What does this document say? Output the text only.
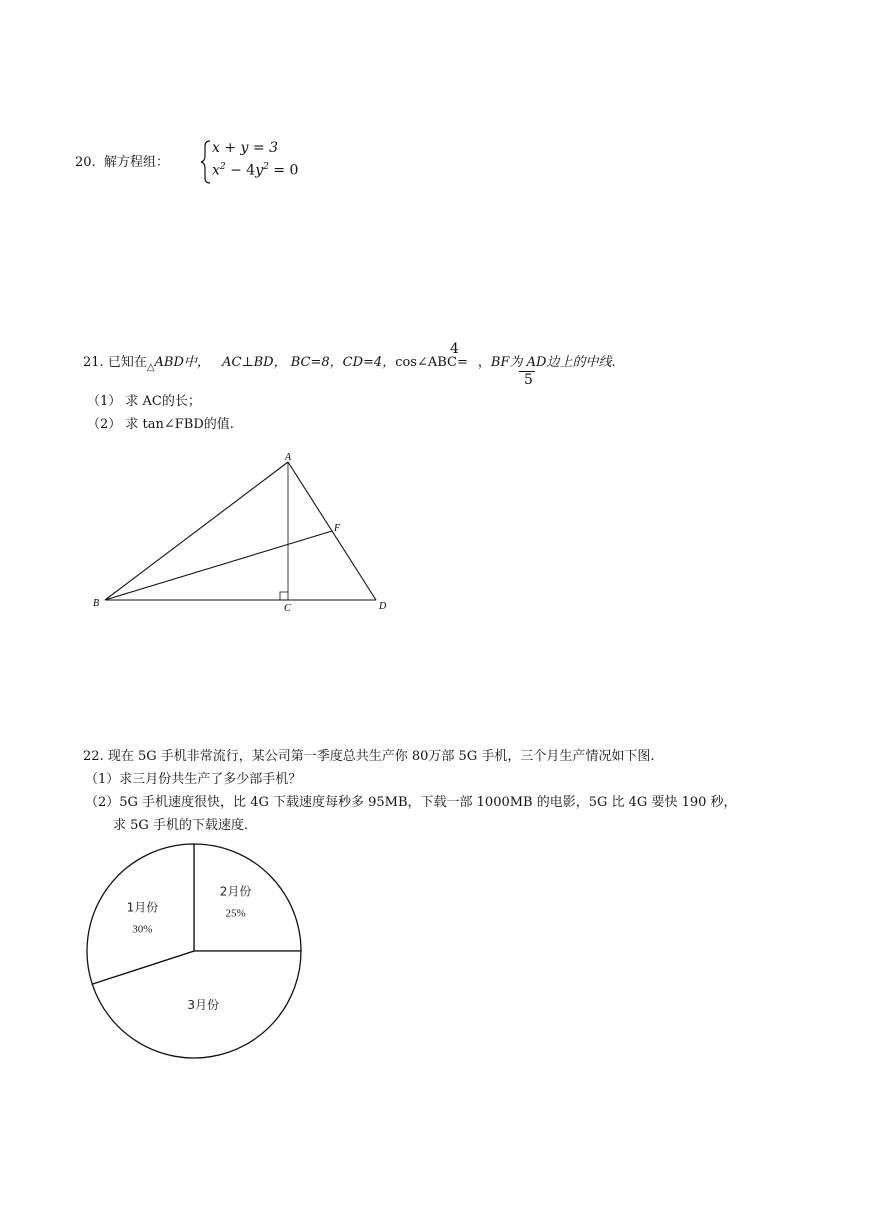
20. 解方程组：
x + y = 3
$x^2 - 4y^2 = 0$
21. 已知在$_\triangle$ABD中， AC⊥BD， BC=8，CD=4，cos∠ABC= ，BF为 AD边上的中线.
4
5
（1） 求 AC的长；
（2） 求 tan∠FBD的值.
A
B	C	D
F
22. 现在 5G 手机非常流行，某公司第一季度总共生产你 80万部 5G 手机，三个月生产情况如下图.
（1）求三月份共生产了多少部手机？
（2）5G 手机速度很快，比 4G 下载速度每秒多 95MB，下载一部 1000MB 的电影，5G 比 4G 要快 190 秒，
求 5G 手机的下载速度.
2月份
25%
3月份
1月份
30%
